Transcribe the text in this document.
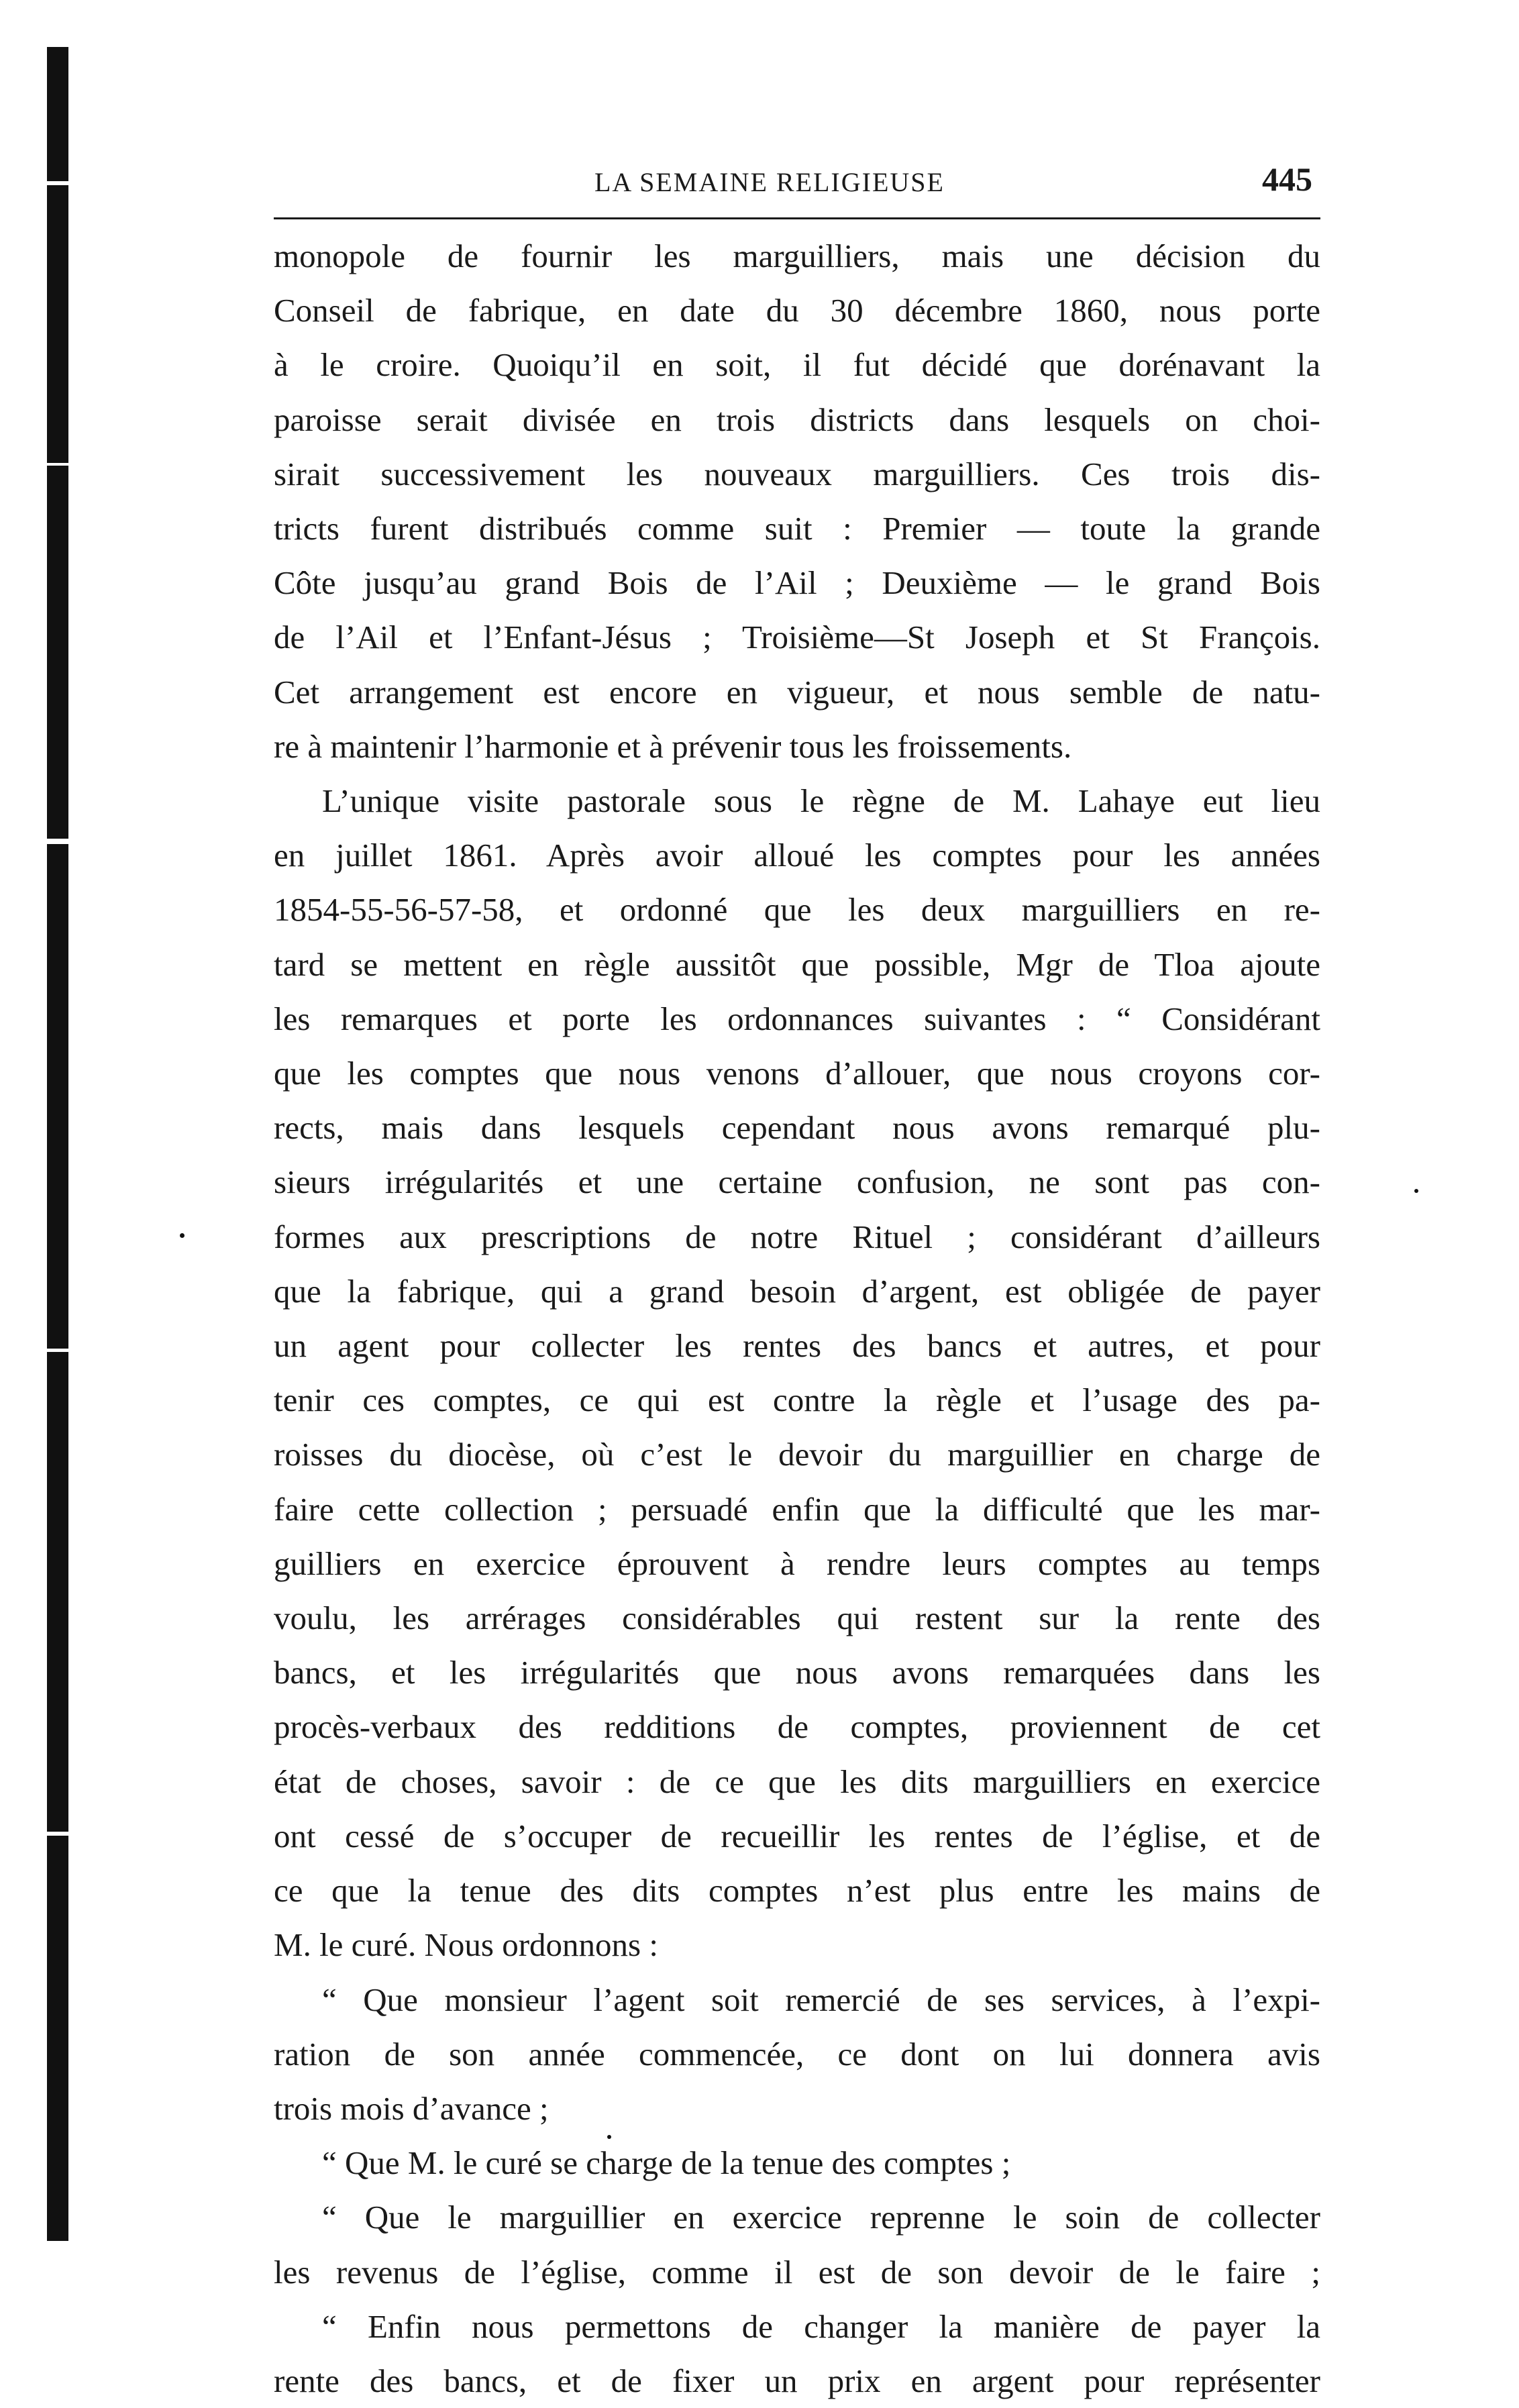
LA SEMAINE RELIGIEUSE	445
monopole de fournir les marguilliers, mais une décision du
Conseil de fabrique, en date du 30 décembre 1860, nous porte
à le croire. Quoiqu’il en soit, il fut décidé que dorénavant la
paroisse serait divisée en trois districts dans lesquels on choi-
sirait successivement les nouveaux marguilliers. Ces trois dis-
tricts furent distribués comme suit : Premier — toute la grande
Côte jusqu’au grand Bois de l’Ail ; Deuxième — le grand Bois
de l’Ail et l’Enfant-Jésus ; Troisième—St Joseph et St François.
Cet arrangement est encore en vigueur, et nous semble de natu-
re à maintenir l’harmonie et à prévenir tous les froissements.
L’unique visite pastorale sous le règne de M. Lahaye eut lieu
en juillet 1861. Après avoir alloué les comptes pour les années
1854-55-56-57-58, et ordonné que les deux marguilliers en re-
tard se mettent en règle aussitôt que possible, Mgr de Tloa ajoute
les remarques et porte les ordonnances suivantes : “ Considérant
que les comptes que nous venons d’allouer, que nous croyons cor-
rects, mais dans lesquels cependant nous avons remarqué plu-
sieurs irrégularités et une certaine confusion, ne sont pas con-
formes aux prescriptions de notre Rituel ; considérant d’ailleurs
que la fabrique, qui a grand besoin d’argent, est obligée de payer
un agent pour collecter les rentes des bancs et autres, et pour
tenir ces comptes, ce qui est contre la règle et l’usage des pa-
roisses du diocèse, où c’est le devoir du marguillier en charge de
faire cette collection ; persuadé enfin que la difficulté que les mar-
guilliers en exercice éprouvent à rendre leurs comptes au temps
voulu, les arrérages considérables qui restent sur la rente des
bancs, et les irrégularités que nous avons remarquées dans les
procès-verbaux des redditions de comptes, proviennent de cet
état de choses, savoir : de ce que les dits marguilliers en exercice
ont cessé de s’occuper de recueillir les rentes de l’église, et de
ce que la tenue des dits comptes n’est plus entre les mains de
M. le curé. Nous ordonnons :
“ Que monsieur l’agent soit remercié de ses services, à l’expi-
ration de son année commencée, ce dont on lui donnera avis
trois mois d’avance ;
“ Que M. le curé se charge de la tenue des comptes ;
“ Que le marguillier en exercice reprenne le soin de collecter
les revenus de l’église, comme il est de son devoir de le faire ;
“ Enfin nous permettons de changer la manière de payer la
rente des bancs, et de fixer un prix en argent pour représenter
